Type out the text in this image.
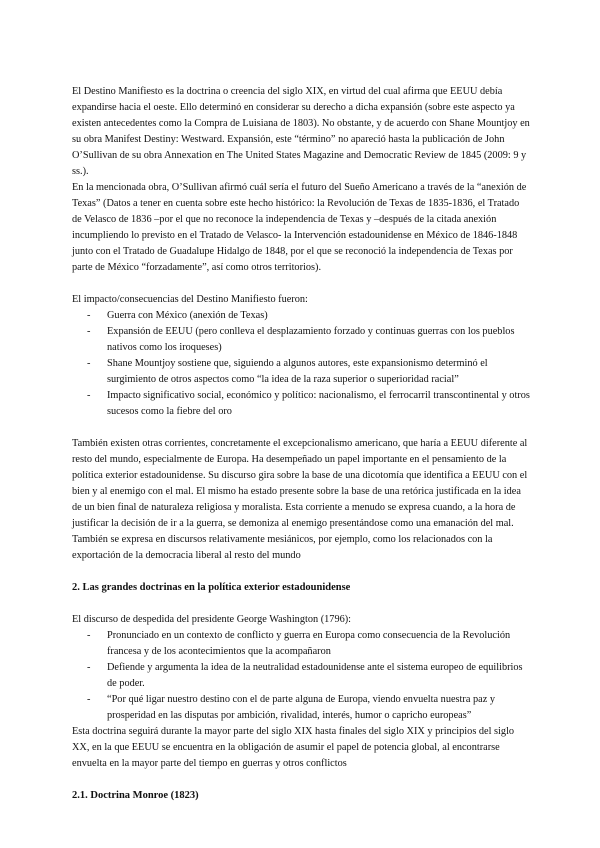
El Destino Manifiesto es la doctrina o creencia del siglo XIX, en virtud del cual afirma que EEUU debía expandirse hacia el oeste. Ello determinó en considerar su derecho a dicha expansión (sobre este aspecto ya existen antecedentes como la Compra de Luisiana de 1803). No obstante, y de acuerdo con Shane Mountjoy en su obra Manifest Destiny: Westward. Expansión, este “término” no apareció hasta la publicación de John O’Sullivan de su obra Annexation en The United States Magazine and Democratic Review de 1845 (2009: 9 y ss.).

En la mencionada obra, O’Sullivan afirmó cuál sería el futuro del Sueño Americano a través de la “anexión de Texas” (Datos a tener en cuenta sobre este hecho histórico: la Revolución de Texas de 1835-1836, el Tratado de Velasco de 1836 –por el que no reconoce la independencia de Texas y –después de la citada anexión incumpliendo lo previsto en el Tratado de Velasco- la Intervención estadounidense en México de 1846-1848 junto con el Tratado de Guadalupe Hidalgo de 1848, por el que se reconoció la independencia de Texas por parte de México “forzadamente”, así como otros territorios).

El impacto/consecuencias del Destino Manifiesto fueron:

- Guerra con México (anexión de Texas)
- Expansión de EEUU (pero conlleva el desplazamiento forzado y continuas guerras con los pueblos nativos como los iroqueses)
- Shane Mountjoy sostiene que, siguiendo a algunos autores, este expansionismo determinó el surgimiento de otros aspectos como “la idea de la raza superior o superioridad racial”
- Impacto significativo social, económico y político: nacionalismo, el ferrocarril transcontinental y otros sucesos como la fiebre del oro

También existen otras corrientes, concretamente el excepcionalismo americano, que haría a EEUU diferente al resto del mundo, especialmente de Europa. Ha desempeñado un papel importante en el pensamiento de la política exterior estadounidense. Su discurso gira sobre la base de una dicotomía que identifica a EEUU con el bien y al enemigo con el mal. El mismo ha estado presente sobre la base de una retórica justificada en la idea de un bien final de naturaleza religiosa y moralista. Esta corriente a menudo se expresa cuando, a la hora de justificar la decisión de ir a la guerra, se demoniza al enemigo presentándose como una emanación del mal. También se expresa en discursos relativamente mesiánicos, por ejemplo, como los relacionados con la exportación de la democracia liberal al resto del mundo

2. Las grandes doctrinas en la política exterior estadounidense

El discurso de despedida del presidente George Washington (1796):

- Pronunciado en un contexto de conflicto y guerra en Europa como consecuencia de la Revolución francesa y de los acontecimientos que la acompañaron
- Defiende y argumenta la idea de la neutralidad estadounidense ante el sistema europeo de equilibrios de poder.
- “Por qué ligar nuestro destino con el de parte alguna de Europa, viendo envuelta nuestra paz y prosperidad en las disputas por ambición, rivalidad, interés, humor o capricho europeas”

Esta doctrina seguirá durante la mayor parte del siglo XIX hasta finales del siglo XIX y principios del siglo XX, en la que EEUU se encuentra en la obligación de asumir el papel de potencia global, al encontrarse envuelta en la mayor parte del tiempo en guerras y otros conflictos

2.1. Doctrina Monroe (1823)
